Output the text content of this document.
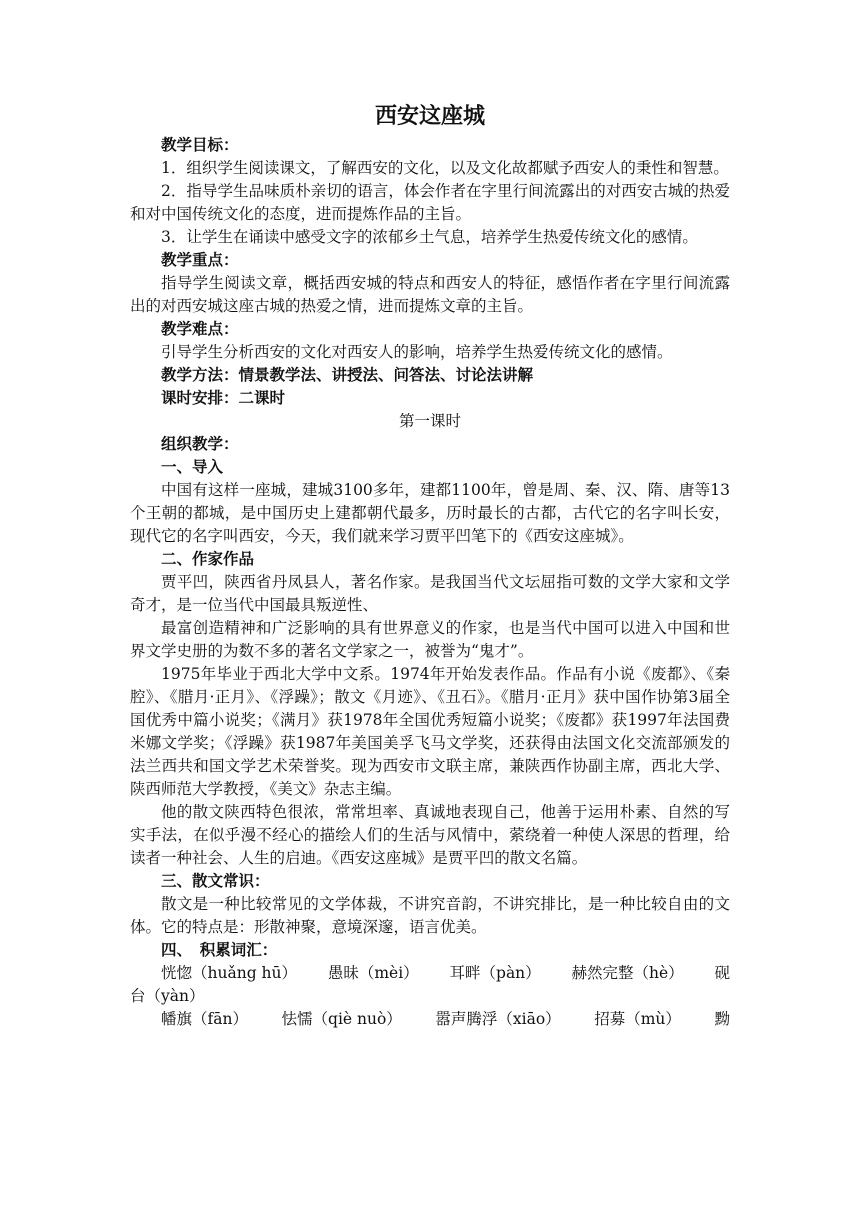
西安这座城

教学目标：

1．组织学生阅读课文，了解西安的文化，以及文化故都赋予西安人的秉性和智慧。

2．指导学生品味质朴亲切的语言，体会作者在字里行间流露出的对西安古城的热爱和对中国传统文化的态度，进而提炼作品的主旨。

3．让学生在诵读中感受文字的浓郁乡土气息，培养学生热爱传统文化的感情。

教学重点：

指导学生阅读文章，概括西安城的特点和西安人的特征，感悟作者在字里行间流露出的对西安城这座古城的热爱之情，进而提炼文章的主旨。

教学难点：

引导学生分析西安的文化对西安人的影响，培养学生热爱传统文化的感情。

教学方法：情景教学法、讲授法、问答法、讨论法讲解

课时安排：二课时

第一课时

组织教学：

一、导入

中国有这样一座城，建城3100多年，建都1100年，曾是周、秦、汉、隋、唐等13个王朝的都城，是中国历史上建都朝代最多，历时最长的古都，古代它的名字叫长安，现代它的名字叫西安，今天，我们就来学习贾平凹笔下的《西安这座城》。

二、作家作品

贾平凹，陕西省丹凤县人，著名作家。是我国当代文坛屈指可数的文学大家和文学奇才，是一位当代中国最具叛逆性、

最富创造精神和广泛影响的具有世界意义的作家，也是当代中国可以进入中国和世界文学史册的为数不多的著名文学家之一，被誉为“鬼才”。

1975年毕业于西北大学中文系。1974年开始发表作品。作品有小说《废都》、《秦腔》、《腊月·正月》、《浮躁》；散文《月迹》、《丑石》。《腊月·正月》获中国作协第3届全国优秀中篇小说奖；《满月》获1978年全国优秀短篇小说奖；《废都》获1997年法国费米娜文学奖；《浮躁》获1987年美国美孚飞马文学奖，还获得由法国文化交流部颁发的法兰西共和国文学艺术荣誉奖。现为西安市文联主席，兼陕西作协副主席，西北大学、陕西师范大学教授，《美文》杂志主编。

他的散文陕西特色很浓，常常坦率、真诚地表现自己，他善于运用朴素、自然的写实手法，在似乎漫不经心的描绘人们的生活与风情中，萦绕着一种使人深思的哲理，给读者一种社会、人生的启迪。《西安这座城》是贾平凹的散文名篇。

三、散文常识：

散文是一种比较常见的文学体裁，不讲究音韵，不讲究排比，是一种比较自由的文体。它的特点是：形散神聚，意境深邃，语言优美。

四、　积累词汇：

恍惚（huǎng hū） 愚昧（mèi） 耳畔（pàn） 赫然完整（hè） 砚

台（yàn）

幡旗（fān） 怯懦（qiè nuò） 嚣声腾浮（xiāo） 招募（mù） 黝
